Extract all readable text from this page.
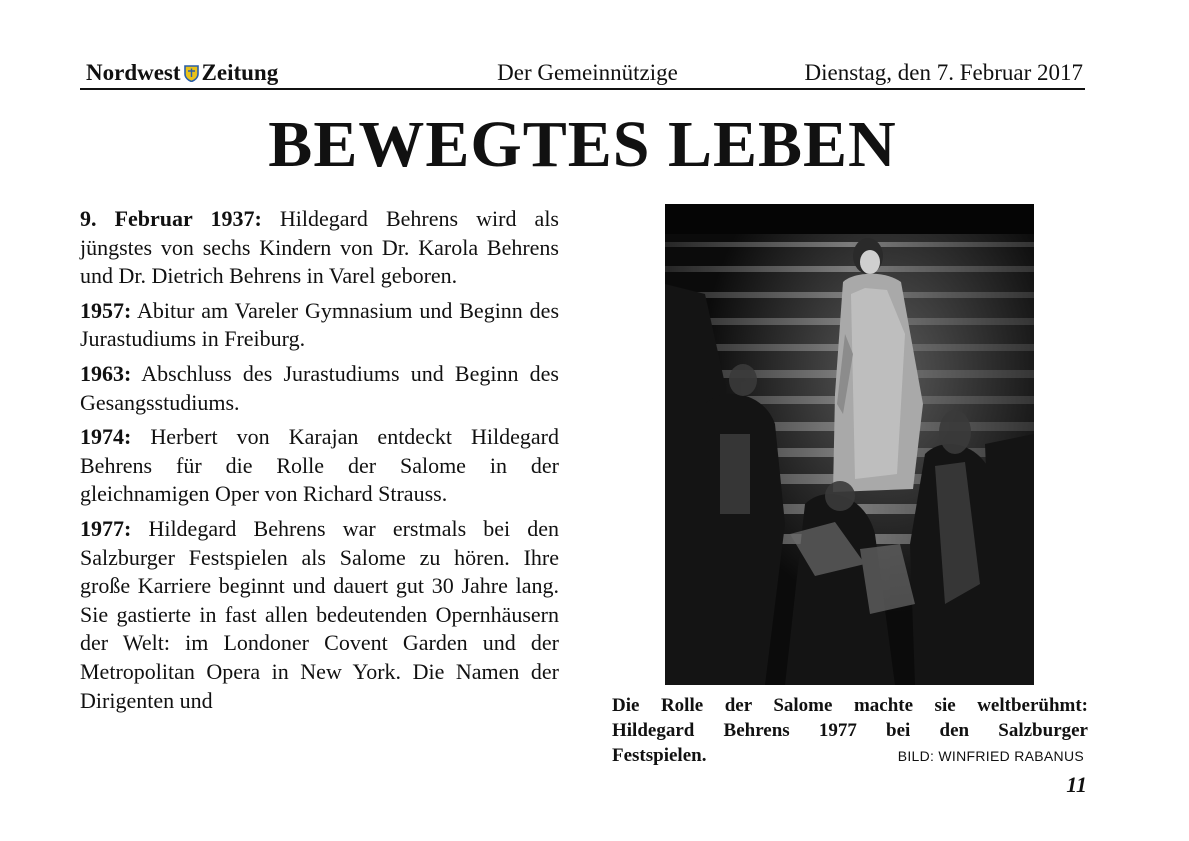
Nordwest Zeitung	Der Gemeinnützige	Dienstag, den 7. Februar 2017
BEWEGTES LEBEN

9. Februar 1937: Hildegard Behrens wird als jüngstes von sechs Kindern von Dr. Karola Behrens und Dr. Dietrich Behrens in Varel geboren.

1957: Abitur am Vareler Gymnasium und Beginn des Jurastudiums in Freiburg.

1963: Abschluss des Jurastudiums und Beginn des Gesangsstudiums.

1974: Herbert von Karajan entdeckt Hildegard Behrens für die Rolle der Salome in der gleichnamigen Oper von Richard Strauss.

1977: Hildegard Behrens war erstmals bei den Salzburger Festspielen als Salome zu hören. Ihre große Karriere beginnt und dauert gut 30 Jahre lang. Sie gastierte in fast allen bedeutenden Opernhäusern der Welt: im Londoner Covent Garden und der Metropolitan Opera in New York. Die Namen der Dirigenten und	Die Rolle der Salome machte sie weltberühmt:
Hildegard Behrens 1977 bei den Salzburger
Festspielen.	BILD: WINFRIED RABANUS
11
